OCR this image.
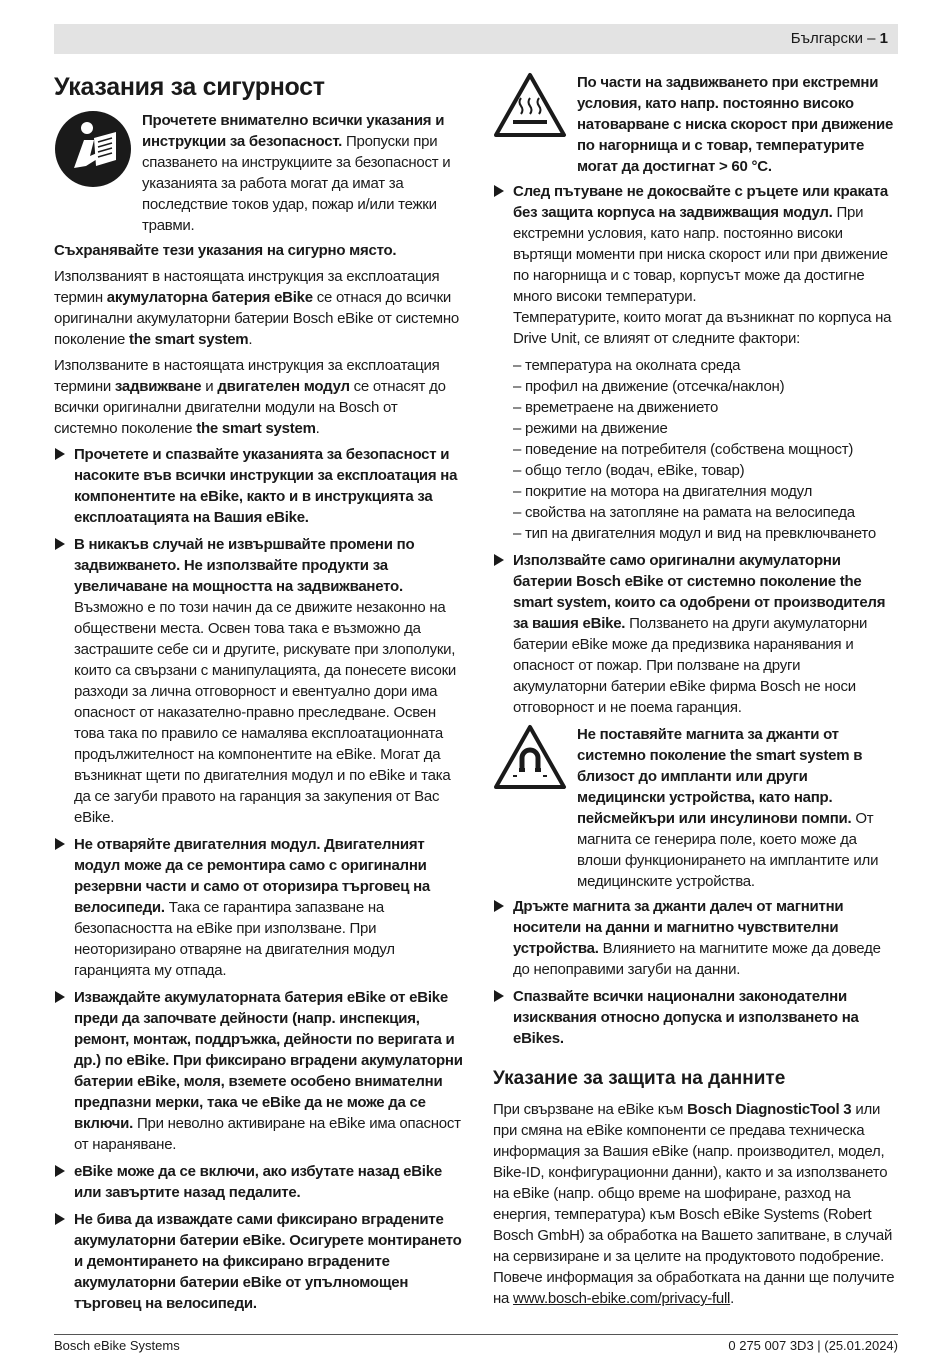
Български – 1
Указания за сигурност

Прочетете внимателно всички указания и инструкции за безопасност. Пропуски при спазването на инструкциите за безопасност и указанията за работа могат да имат за последствие токов удар, пожар и/или тежки травми.

Съхранявайте тези указания на сигурно място.

Използваният в настоящата инструкция за експлоатация термин акумулаторна батерия eBike се отнася до всички оригинални акумулаторни батерии Bosch eBike от системно поколение the smart system.

Използваните в настоящата инструкция за експлоатация термини задвижване и двигателен модул се отнасят до всички оригинални двигателни модули на Bosch от системно поколение the smart system.

Прочетете и спазвайте указанията за безопасност и насоките във всички инструкции за експлоатация на компонентите на eBike, както и в инструкцията за експлоатацията на Вашия eBike.

В никакъв случай не извършвайте промени по задвижването. Не използвайте продукти за увеличаване на мощността на задвижването. Възможно е по този начин да се движите незаконно на обществени места. Освен това така е възможно да застрашите себе си и другите, рискувате при злополуки, които са свързани с манипулацията, да понесете високи разходи за лична отговорност и евентуално дори има опасност от наказателно-правно преследване. Освен това така по правило се намалява експлоатационната продължителност на компонентите на eBike. Могат да възникнат щети по двигателния модул и по eBike и така да се загуби правото на гаранция за закупения от Вас eBike.

Не отваряйте двигателния модул. Двигателният модул може да се ремонтира само с оригинални резервни части и само от оторизира търговец на велосипеди. Така се гарантира запазване на безопасността на eBike при използване. При неоторизирано отваряне на двигателния модул гаранцията му отпада.

Изваждайте акумулаторната батерия eBike от eBike преди да започвате дейности (напр. инспекция, ремонт, монтаж, поддръжка, дейности по веригата и др.) по eBike. При фиксирано вградени акумулаторни батерии eBike, моля, вземете особено внимателни предпазни мерки, така че eBike да не може да се включи. При неволно активиране на eBike има опасност от нараняване.

eBike може да се включи, ако избутате назад eBike или завъртите назад педалите.

Не бива да изваждате сами фиксирано вградените акумулаторни батерии eBike. Осигурете монтирането и демонтирането на фиксирано вградените акумулаторни батерии eBike от упълномощен търговец на велосипеди.

По части на задвижването при екстремни условия, като напр. постоянно високо натоварване с ниска скорост при движение по нагорнища и с товар, температурите могат да достигнат > 60 °C.

След пътуване не докосвайте с ръцете или краката без защита корпуса на задвижващия модул. При екстремни условия, като напр. постоянно високи въртящи моменти при ниска скорост или при движение по нагорнища и с товар, корпусът може да достигне много високи температури.

Температурите, които могат да възникнат по корпуса на Drive Unit, се влияят от следните фактори:

– температура на околната среда
– профил на движение (отсечка/наклон)
– времетраене на движението
– режими на движение
– поведение на потребителя (собствена мощност)
– общо тегло (водач, eBike, товар)
– покритие на мотора на двигателния модул
– свойства на затопляне на рамата на велосипеда
– тип на двигателния модул и вид на превключването

Използвайте само оригинални акумулаторни батерии Bosch eBike от системно поколение the smart system, които са одобрени от производителя за вашия eBike. Ползването на други акумулаторни батерии eBike може да предизвика наранявания и опасност от пожар. При ползване на други акумулаторни батерии eBike фирма Bosch не носи отговорност и не поема гаранция.

Не поставяйте магнита за джанти от системно поколение the smart system в близост до импланти или други медицински устройства, като напр. пейсмейкъри или инсулинови помпи. От магнита се генерира поле, което може да влоши функционирането на имплантите или медицинските устройства.

Дръжте магнита за джанти далеч от магнитни носители на данни и магнитно чувствителни устройства. Влиянието на магнитите може да доведе до непоправими загуби на данни.

Спазвайте всички национални законодателни изисквания относно допуска и използването на eBikes.

Указание за защита на данните

При свързване на eBike към Bosch DiagnosticTool 3 или при смяна на eBike компоненти се предава техническа информация за Вашия eBike (напр. производител, модел, Bike-ID, конфигурационни данни), както и за използването на eBike (напр. общо време на шофиране, разход на енергия, температура) към Bosch eBike Systems (Robert Bosch GmbH) за обработка на Вашето запитване, в случай на сервизиране и за целите на продуктовото подобрение. Повече информация за обработката на данни ще получите на www.bosch-ebike.com/privacy-full.

Bosch eBike Systems	0 275 007 3D3 | (25.01.2024)
